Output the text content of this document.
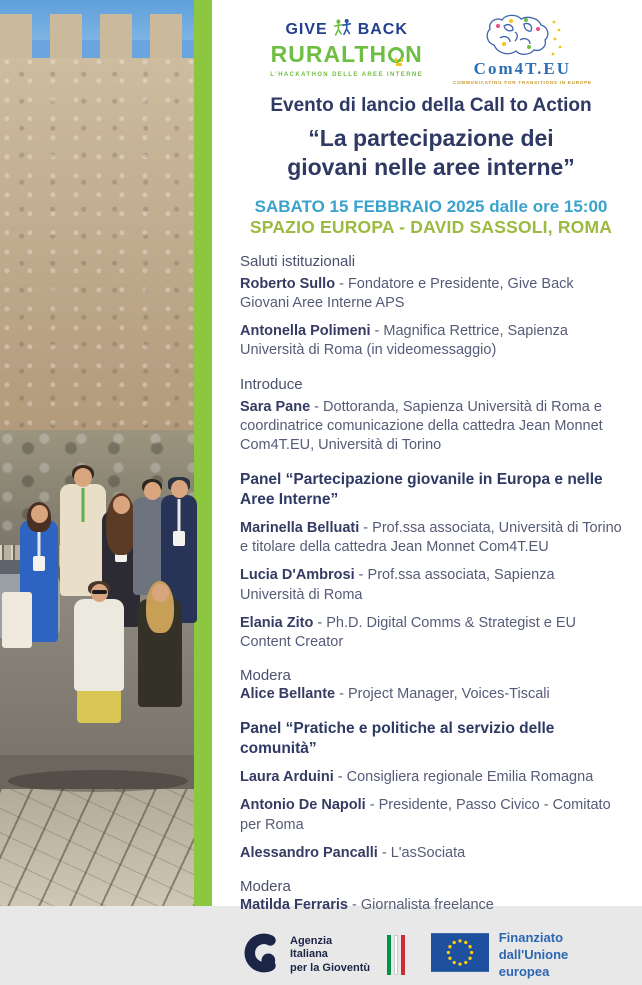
GIVE BACK
RURALTH N
L'HACKATHON DELLE AREE INTERNE	Com4T.EU
COMMUNICATING FOR TRANSITIONS IN EUROPE
Evento di lancio della Call to Action
“La partecipazione dei
giovani nelle aree interne”
SABATO 15 FEBBRAIO 2025 dalle ore 15:00
SPAZIO EUROPA - DAVID SASSOLI, ROMA

Saluti istituzionali

Roberto Sullo - Fondatore e Presidente, Give Back Giovani Aree Interne APS

Antonella Polimeni - Magnifica Rettrice, Sapienza Università di Roma (in videomessaggio)

Introduce

Sara Pane - Dottoranda, Sapienza Università di Roma e coordinatrice comunicazione della cattedra Jean Monnet Com4T.EU, Università di Torino

Panel “Partecipazione giovanile in Europa e nelle Aree Interne”

Marinella Belluati - Prof.ssa associata, Università di Torino e titolare della cattedra Jean Monnet Com4T.EU

Lucia D'Ambrosi - Prof.ssa associata, Sapienza Università di Roma

Elania Zito - Ph.D. Digital Comms & Strategist e EU Content Creator

Modera

Alice Bellante - Project Manager, Voices-Tiscali

Panel “Pratiche e politiche al servizio delle comunità”

Laura Arduini - Consigliera regionale Emilia Romagna

Antonio De Napoli - Presidente, Passo Civico - Comitato per Roma

Alessandro Pancalli - L'asSociata

Modera

Matilda Ferraris - Giornalista freelance

Agenzia Italiana
per la Gioventù
Finanziato
dall'Unione europea
